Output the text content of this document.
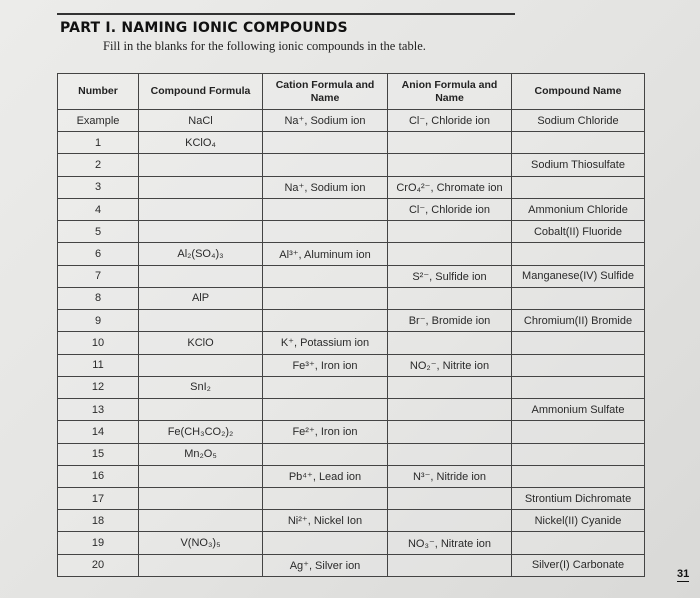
PART I. NAMING IONIC COMPOUNDS
Fill in the blanks for the following ionic compounds in the table.
Number	Compound Formula	Cation Formula and Name	Anion Formula and Name	Compound Name
Example	NaCl	Na⁺, Sodium ion	Cl⁻, Chloride ion	Sodium Chloride
1	KClO₄			
2				Sodium Thiosulfate
3		Na⁺, Sodium ion	CrO₄²⁻, Chromate ion	
4			Cl⁻, Chloride ion	Ammonium Chloride
5				Cobalt(II) Fluoride
6	Al₂(SO₄)₃	Al³⁺, Aluminum ion		
7			S²⁻, Sulfide ion	Manganese(IV) Sulfide
8	AlP			
9			Br⁻, Bromide ion	Chromium(II) Bromide
10	KClO	K⁺, Potassium ion		
11		Fe³⁺, Iron ion	NO₂⁻, Nitrite ion	
12	SnI₂			
13				Ammonium Sulfate
14	Fe(CH₃CO₂)₂	Fe²⁺, Iron ion		
15	Mn₂O₅			
16		Pb⁴⁺, Lead ion	N³⁻, Nitride ion	
17				Strontium Dichromate
18		Ni²⁺, Nickel Ion		Nickel(II) Cyanide
19	V(NO₃)₅		NO₃⁻, Nitrate ion	
20		Ag⁺, Silver ion		Silver(I) Carbonate
31
